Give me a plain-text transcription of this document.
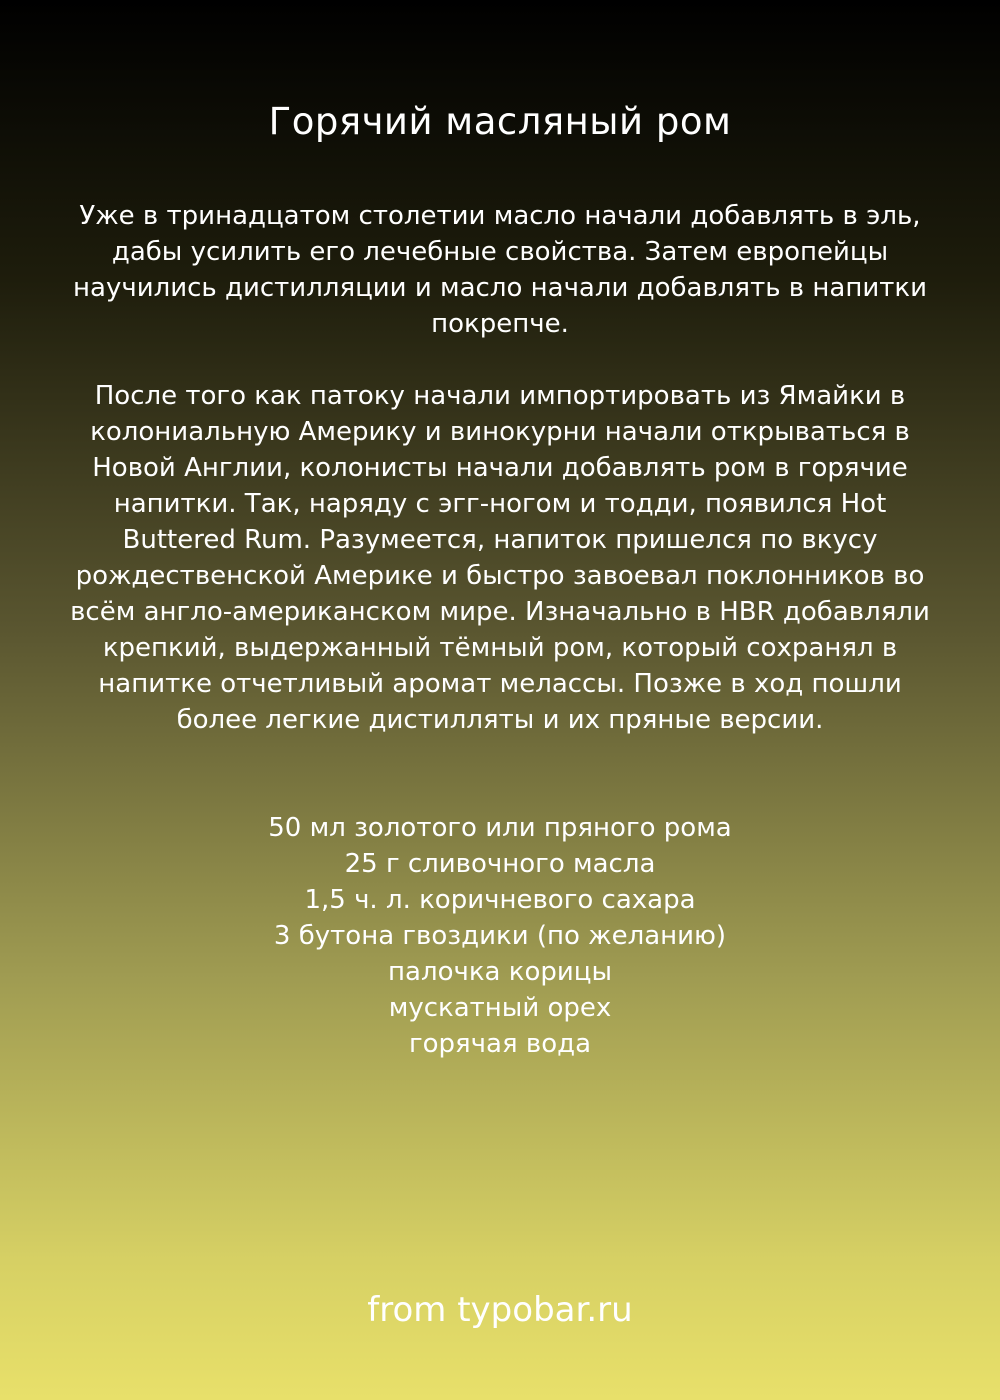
Горячий масляный ром

Уже в тринадцатом столетии масло начали добавлять в эль, дабы усилить его лечебные свойства. Затем европейцы научились дистилляции и масло начали добавлять в напитки покрепче.

После того как патоку начали импортировать из Ямайки в колониальную Америку и винокурни начали открываться в Новой Англии, колонисты начали добавлять ром в горячие напитки. Так, наряду с эгг-ногом и тодди, появился Hot Buttered Rum. Разумеется, напиток пришелся по вкусу рождественской Америке и быстро завоевал поклонников во всём англо-американском мире. Изначально в HBR добавляли крепкий, выдержанный тёмный ром, который сохранял в напитке отчетливый аромат мелассы. Позже в ход пошли более легкие дистилляты и их пряные версии.

50 мл золотого или пряного рома
25 г сливочного масла
1,5 ч. л. коричневого сахара
3 бутона гвоздики (по желанию)
палочка корицы
мускатный орех
горячая вода
from typobar.ru
